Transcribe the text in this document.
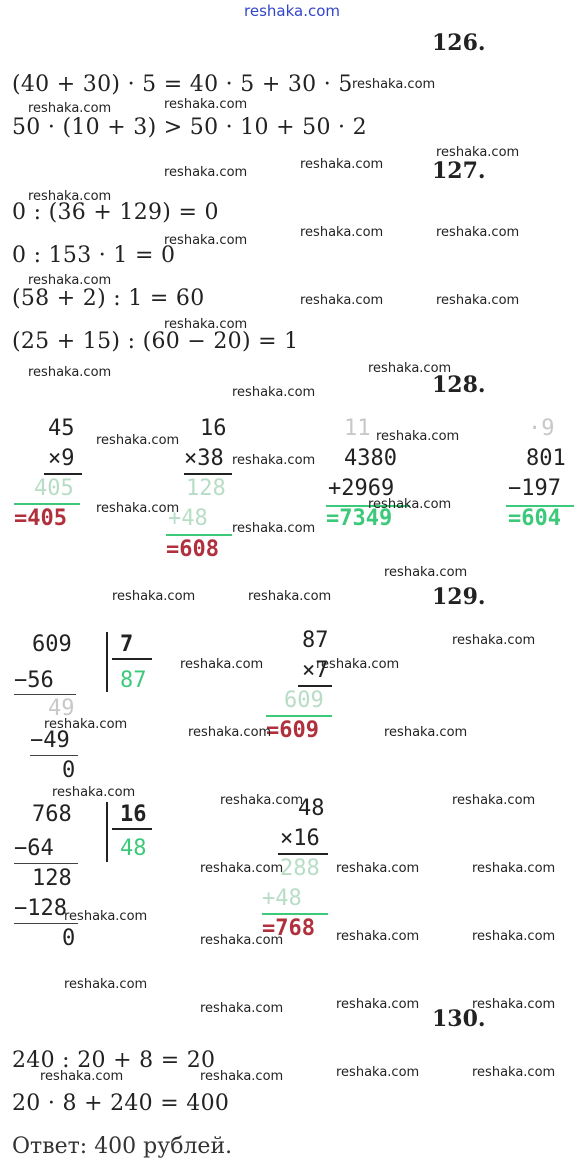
reshaka.com
126.
(40 + 30) · 5 = 40 · 5 + 30 · 5
50 · (10 + 3) > 50 · 10 + 50 · 2
127.
0 : (36 + 129) = 0
0 : 153 · 1 = 0
(58 + 2) : 1 = 60
(25 + 15) : (60 − 20) = 1
128.
45
×9
405
=405
16
×38
128
+48
=608
11
4380
+2969
=7349
·9
801
−197
=604
129.
609 7
87
−56
49
−49
0
87
×7
609
=609
768 16
48
−64
128
−128
0
48
×16
288
+48
=768
130.
240 : 20 + 8 = 20
20 · 8 + 240 = 400
Ответ: 400 рублей.
reshaka.com
reshaka.com	reshaka.com
reshaka.com
reshaka.com
reshaka.com
reshaka.com
reshaka.com	reshaka.com
reshaka.com
reshaka.com
reshaka.com	reshaka.com
reshaka.com
reshaka.com
reshaka.com
reshaka.com
reshaka.com
reshaka.com
reshaka.com
reshaka.com	reshaka.com
reshaka.com
reshaka.com
reshaka.com	reshaka.com
reshaka.com
reshaka.com	reshaka.com
reshaka.com
reshaka.com	reshaka.com
reshaka.com
reshaka.com	reshaka.com
reshaka.com	reshaka.com	reshaka.com
reshaka.com
reshaka.com	reshaka.com	reshaka.com
reshaka.com
reshaka.com	reshaka.com
reshaka.com
reshaka.com	reshaka.com	reshaka.com	reshaka.com
